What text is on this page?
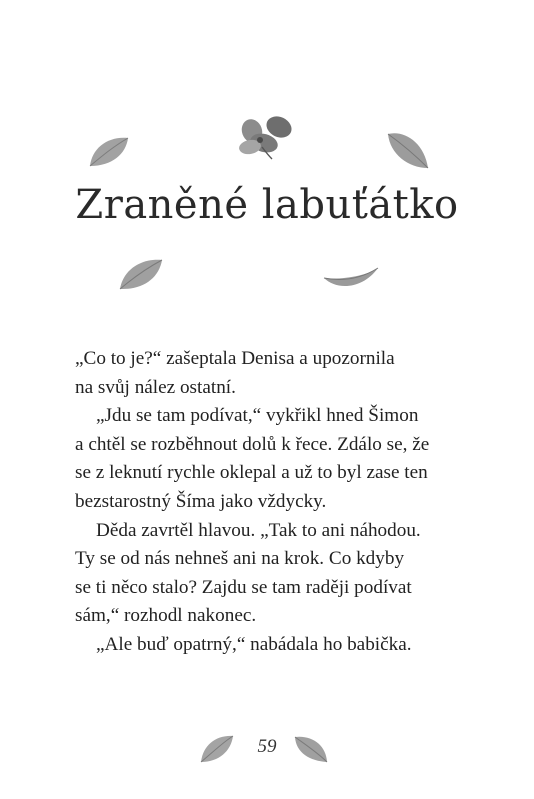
Zraněné labuťátko
„Co to je?“ zašeptala Denisa a upozornila
na svůj nález ostatní.
„Jdu se tam podívat,“ vykřikl hned Šimon
a chtěl se rozběhnout dolů k řece. Zdálo se, že
se z leknutí rychle oklepal a už to byl zase ten
bezstarostný Šíma jako vždycky.
Děda zavrtěl hlavou. „Tak to ani náhodou.
Ty se od nás nehneš ani na krok. Co kdyby
se ti něco stalo? Zajdu se tam raději podívat
sám,“ rozhodl nakonec.
„Ale buď opatrný,“ nabádala ho babička.
59
